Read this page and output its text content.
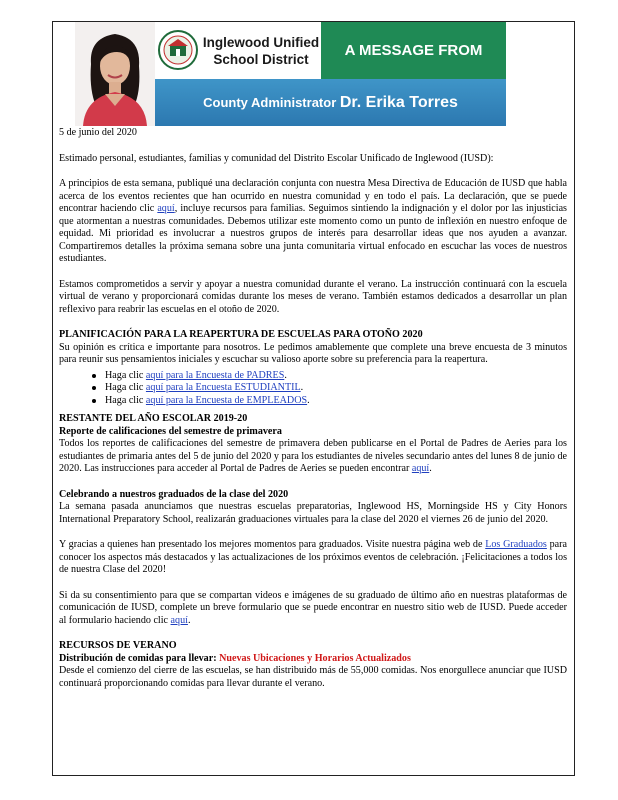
Inglewood Unified
School District	A MESSAGE FROM
County Administrator Dr. Erika Torres

5 de junio del 2020

Estimado personal, estudiantes, familias y comunidad del Distrito Escolar Unificado de Inglewood (IUSD):

A principios de esta semana, publiqué una declaración conjunta con nuestra Mesa Directiva de Educación de IUSD que habla acerca de los eventos recientes que han ocurrido en nuestra comunidad y en todo el país. La declaración, que se puede encontrar haciendo clic aquí, incluye recursos para familias. Seguimos sintiendo la indignación y el dolor por las injusticias que atormentan a nuestras comunidades. Debemos utilizar este momento como un punto de inflexión en nuestro enfoque de equidad. Mi prioridad es involucrar a nuestros grupos de interés para desarrollar ideas que nos ayuden a avanzar. Compartiremos detalles la próxima semana sobre una junta comunitaria virtual enfocado en escuchar las voces de nuestros estudiantes.

Estamos comprometidos a servir y apoyar a nuestra comunidad durante el verano. La instrucción continuará con la escuela virtual de verano y proporcionará comidas durante los meses de verano. También estamos dedicados a desarrollar un plan reflexivo para reabrir las escuelas en el otoño de 2020.

PLANIFICACIÓN PARA LA REAPERTURA DE ESCUELAS PARA OTOÑO 2020

Su opinión es crítica e importante para nosotros. Le pedimos amablemente que complete una breve encuesta de 3 minutos para reunir sus pensamientos iniciales y escuchar su valioso aporte sobre su preferencia para la reapertura.

Haga clic aquí para la Encuesta de PADRES.
Haga clic aquí para la Encuesta ESTUDIANTIL.
Haga clic aquí para la Encuesta de EMPLEADOS.

RESTANTE DEL AÑO ESCOLAR 2019-20

Reporte de calificaciones del semestre de primavera

Todos los reportes de calificaciones del semestre de primavera deben publicarse en el Portal de Padres de Aeries para los estudiantes de primaria antes del 5 de junio del 2020 y para los estudiantes de niveles secundario antes del lunes 8 de junio de 2020. Las instrucciones para acceder al Portal de Padres de Aeries se pueden encontrar aquí.

Celebrando a nuestros graduados de la clase del 2020

La semana pasada anunciamos que nuestras escuelas preparatorias, Inglewood HS, Morningside HS y City Honors International Preparatory School, realizarán graduaciones virtuales para la clase del 2020 el viernes 26 de junio del 2020.

Y gracias a quienes han presentado los mejores momentos para graduados. Visite nuestra página web de Los Graduados para conocer los aspectos más destacados y las actualizaciones de los próximos eventos de celebración. ¡Felicitaciones a todos los de nuestra Clase del 2020!

Si da su consentimiento para que se compartan videos e imágenes de su graduado de último año en nuestras plataformas de comunicación de IUSD, complete un breve formulario que se puede encontrar en nuestro sitio web de IUSD. Puede acceder al formulario haciendo clic aquí.

RECURSOS DE VERANO

Distribución de comidas para llevar: Nuevas Ubicaciones y Horarios Actualizados

Desde el comienzo del cierre de las escuelas, se han distribuido más de 55,000 comidas. Nos enorgullece anunciar que IUSD continuará proporcionando comidas para llevar durante el verano.
